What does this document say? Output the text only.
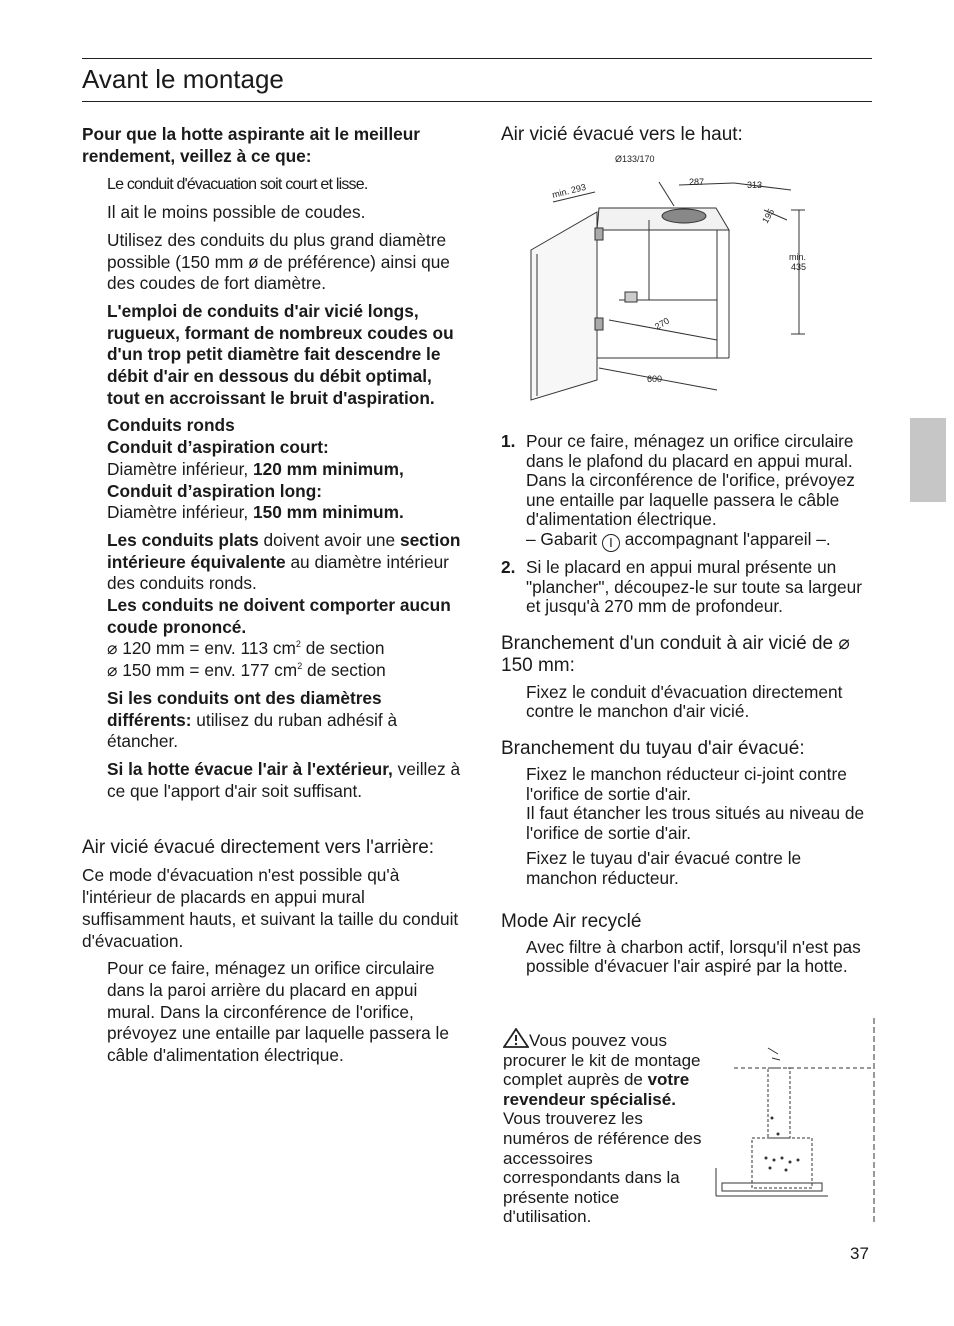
Avant le montage

Pour que la hotte aspirante ait le meilleur rendement, veillez à ce que:

Le conduit d'évacuation soit court et lisse.

Il ait le moins possible de coudes.

Utilisez des conduits du plus grand diamètre possible (150 mm ø de préférence) ainsi que des coudes de fort diamètre.

L'emploi de conduits d'air vicié longs, rugueux, formant de nombreux coudes ou d'un trop petit diamètre fait descendre le débit d'air en dessous du débit optimal, tout en accroissant le bruit d'aspiration.

Conduits ronds
Conduit d’aspiration court:
Diamètre inférieur, 120 mm minimum,
Conduit d’aspiration long:
Diamètre inférieur, 150 mm minimum.
Les conduits plats doivent avoir une section intérieure équivalente au diamètre intérieur des conduits ronds.
Les conduits ne doivent comporter aucun coude prononcé.
⌀ 120 mm = env. 113 $cm^2$ de section
⌀ 150 mm = env. 177 $cm^2$ de section

Si les conduits ont des diamètres différents: utilisez du ruban adhésif à étancher.

Si la hotte évacue l'air à l'extérieur, veillez à ce que l'apport d'air soit suffisant.

Air vicié évacué directement vers l'arrière:

Ce mode d'évacuation n'est possible qu'à l'intérieur de placards en appui mural suffisamment hauts, et suivant la taille du conduit d'évacuation.

Pour ce faire, ménagez un orifice circulaire dans la paroi arrière du placard en appui mural. Dans la circonférence de l'orifice, prévoyez une entaille par laquelle passera le câble d'alimentation électrique.

Air vicié évacué vers le haut:

1. Pour ce faire, ménagez un orifice circulaire dans le plafond du placard en appui mural. Dans la circonférence de l'orifice, prévoyez une entaille par laquelle passera le câble d'alimentation électrique.
– Gabarit I accompagnant l'appareil –.
2. Si le placard en appui mural présente un "plancher", découpez-le sur toute sa largeur et jusqu'à 270 mm de profondeur.

Branchement d'un conduit à air vicié de ⌀ 150 mm:

Fixez le conduit d'évacuation directement contre le manchon d'air vicié.

Branchement du tuyau d'air évacué:

Fixez le manchon réducteur ci-joint contre l'orifice de sortie d'air.

Il faut étancher les trous situés au niveau de l'orifice de sortie d'air.

Fixez le tuyau d'air évacué contre le manchon réducteur.

Mode Air recyclé

Avec filtre à charbon actif, lorsqu'il n'est pas possible d'évacuer l'air aspiré par la hotte.

Ø133/170
287	313
min. 293
195
min.
435
270
600
Vous pouvez vous procurer le kit de montage complet auprès de votre revendeur spécialisé.
Vous trouverez les numéros de référence des accessoires correspondants dans la présente notice d'utilisation.
37
